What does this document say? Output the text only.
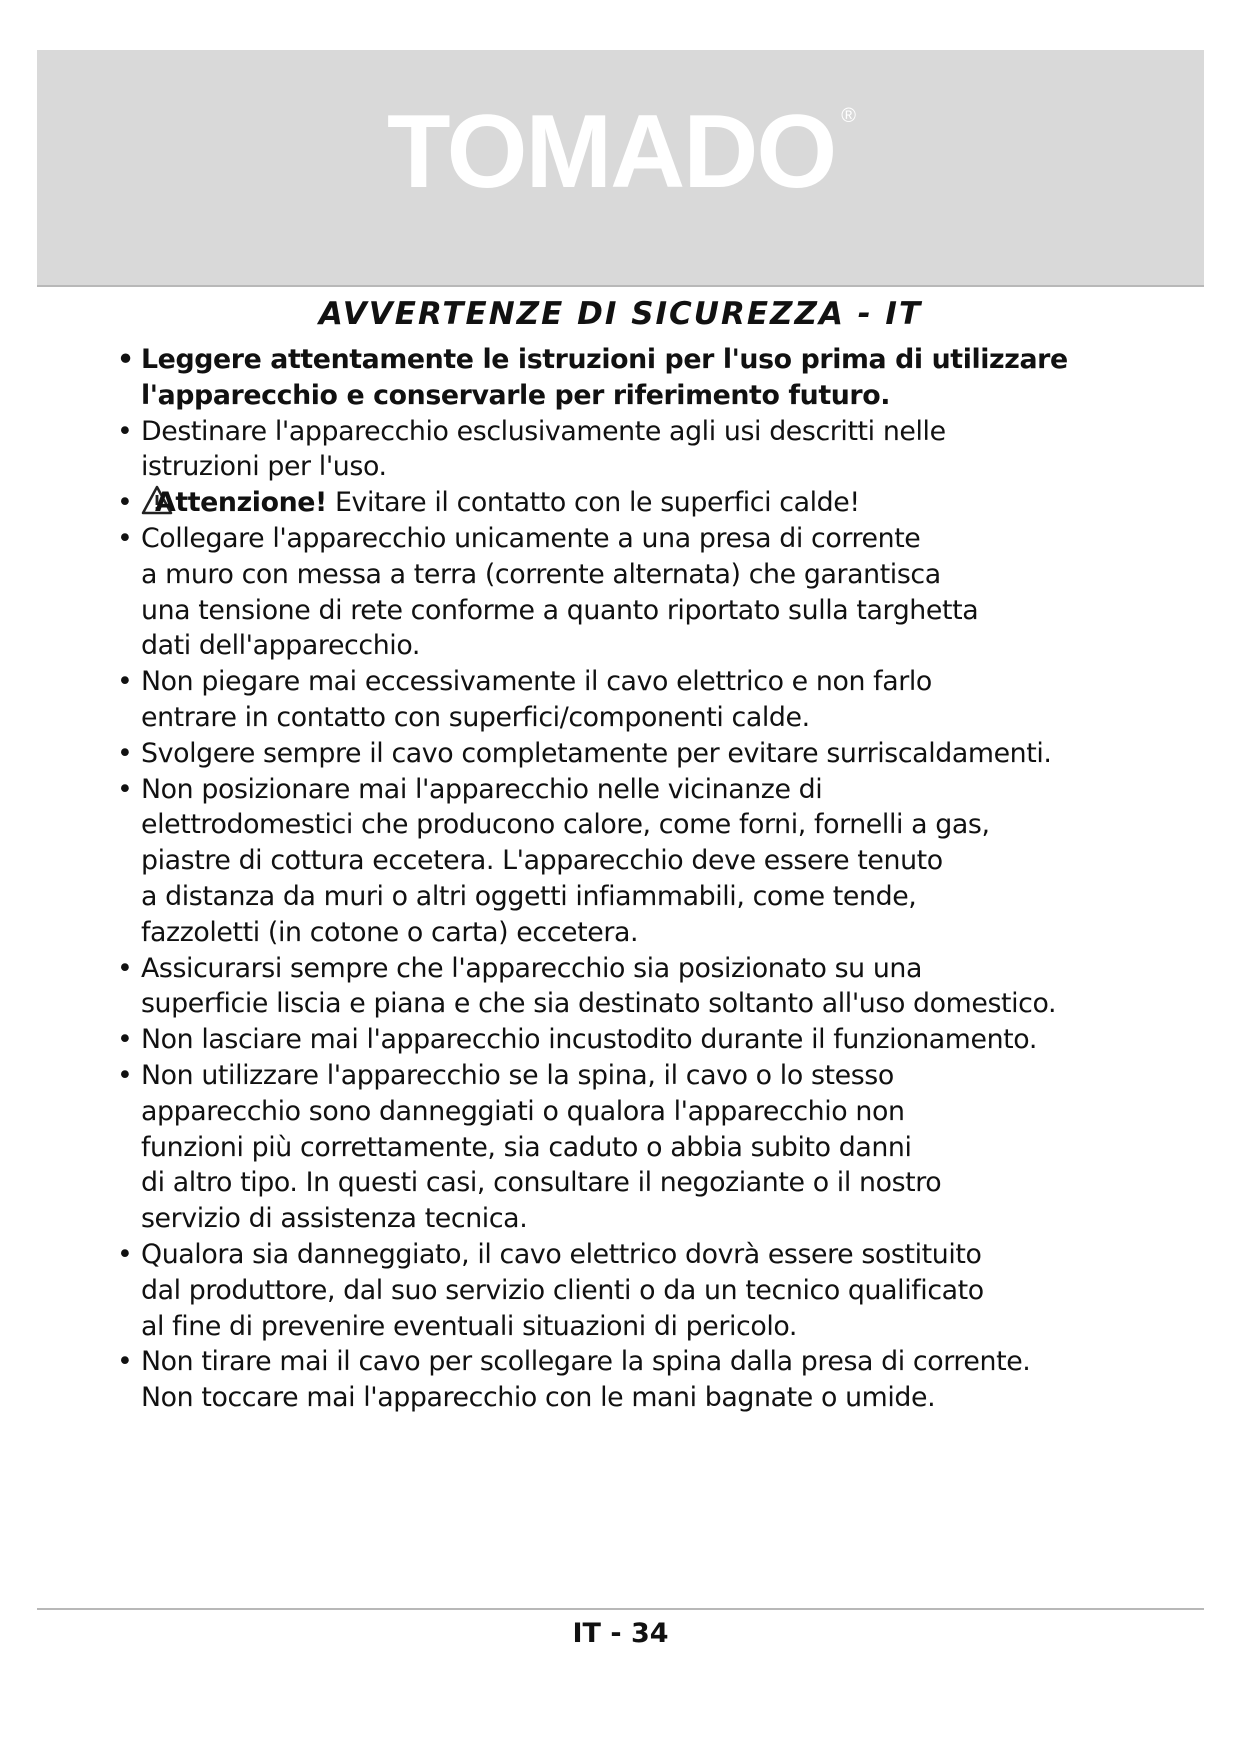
TOMADO ®
AVVERTENZE DI SICUREZZA - IT
• Leggere attentamente le istruzioni per l'uso prima di utilizzare
l'apparecchio e conservarle per riferimento futuro.
• Destinare l'apparecchio esclusivamente agli usi descritti nelle
istruzioni per l'uso.
• Attenzione! Evitare il contatto con le superfici calde!
• Collegare l'apparecchio unicamente a una presa di corrente
a muro con messa a terra (corrente alternata) che garantisca
una tensione di rete conforme a quanto riportato sulla targhetta
dati dell'apparecchio.
• Non piegare mai eccessivamente il cavo elettrico e non farlo
entrare in contatto con superfici/componenti calde.
• Svolgere sempre il cavo completamente per evitare surriscaldamenti.
• Non posizionare mai l'apparecchio nelle vicinanze di
elettrodomestici che producono calore, come forni, fornelli a gas,
piastre di cottura eccetera. L'apparecchio deve essere tenuto
a distanza da muri o altri oggetti infiammabili, come tende,
fazzoletti (in cotone o carta) eccetera.
• Assicurarsi sempre che l'apparecchio sia posizionato su una
superficie liscia e piana e che sia destinato soltanto all'uso domestico.
• Non lasciare mai l'apparecchio incustodito durante il funzionamento.
• Non utilizzare l'apparecchio se la spina, il cavo o lo stesso
apparecchio sono danneggiati o qualora l'apparecchio non
funzioni più correttamente, sia caduto o abbia subito danni
di altro tipo. In questi casi, consultare il negoziante o il nostro
servizio di assistenza tecnica.
• Qualora sia danneggiato, il cavo elettrico dovrà essere sostituito
dal produttore, dal suo servizio clienti o da un tecnico qualificato
al fine di prevenire eventuali situazioni di pericolo.
• Non tirare mai il cavo per scollegare la spina dalla presa di corrente.
Non toccare mai l'apparecchio con le mani bagnate o umide.
IT - 34
